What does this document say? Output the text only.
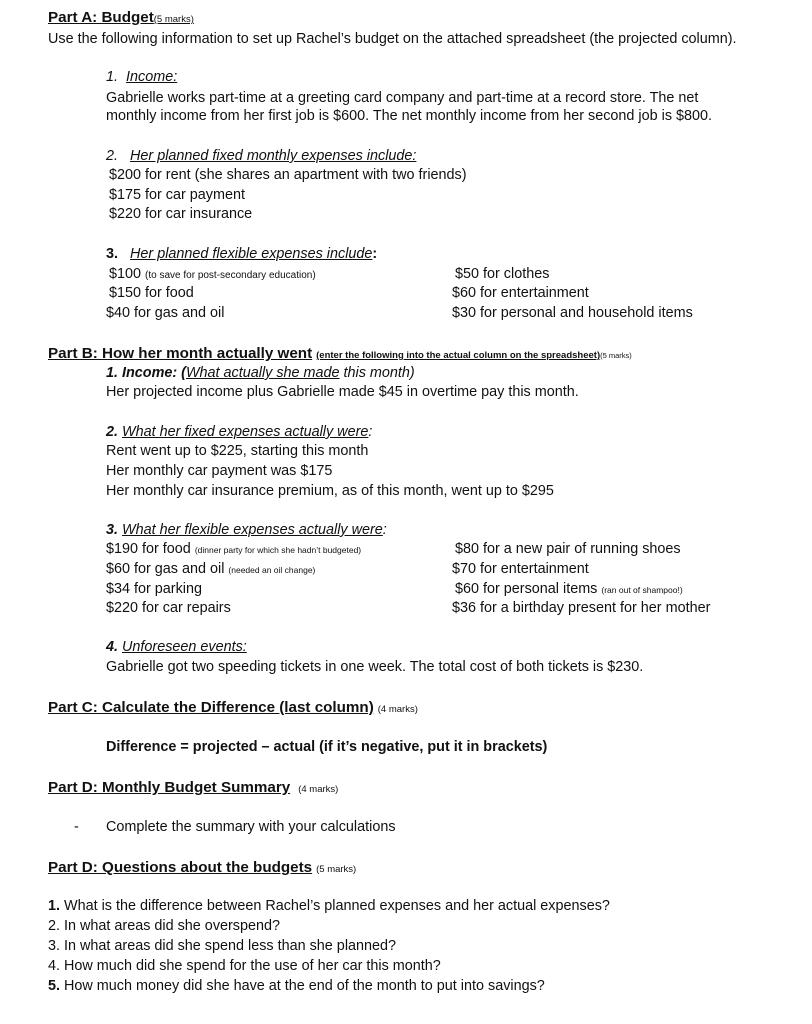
Part A: Budget(5 marks)
Use the following information to set up Rachel’s budget on the attached spreadsheet (the projected column).
1. Income:
Gabrielle works part-time at a greeting card company and part-time at a record store. The net
monthly income from her first job is $600. The net monthly income from her second job is $800.
2. Her planned fixed monthly expenses include:
$200 for rent (she shares an apartment with two friends)
$175 for car payment
$220 for car insurance
3. Her planned flexible expenses include:
$100 (to save for post-secondary education)
$150 for food
$40 for gas and oil
$50 for clothes
$60 for entertainment
$30 for personal and household items
Part B: How her month actually went (enter the following into the actual column on the spreadsheet)(5 marks)
1. Income: (What actually she made this month)
Her projected income plus Gabrielle made $45 in overtime pay this month.
2. What her fixed expenses actually were:
Rent went up to $225, starting this month
Her monthly car payment was $175
Her monthly car insurance premium, as of this month, went up to $295
3. What her flexible expenses actually were:
$190 for food (dinner party for which she hadn’t budgeted)
$60 for gas and oil (needed an oil change)
$34 for parking
$220 for car repairs
$80 for a new pair of running shoes
$70 for entertainment
$60 for personal items (ran out of shampoo!)
$36 for a birthday present for her mother
4. Unforeseen events:
Gabrielle got two speeding tickets in one week. The total cost of both tickets is $230.
Part C: Calculate the Difference (last column) (4 marks)
Difference = projected – actual (if it’s negative, put it in brackets)
Part D: Monthly Budget Summary (4 marks)
- Complete the summary with your calculations
Part D: Questions about the budgets (5 marks)
1. What is the difference between Rachel’s planned expenses and her actual expenses?
2. In what areas did she overspend?
3. In what areas did she spend less than she planned?
4. How much did she spend for the use of her car this month?
5. How much money did she have at the end of the month to put into savings?
